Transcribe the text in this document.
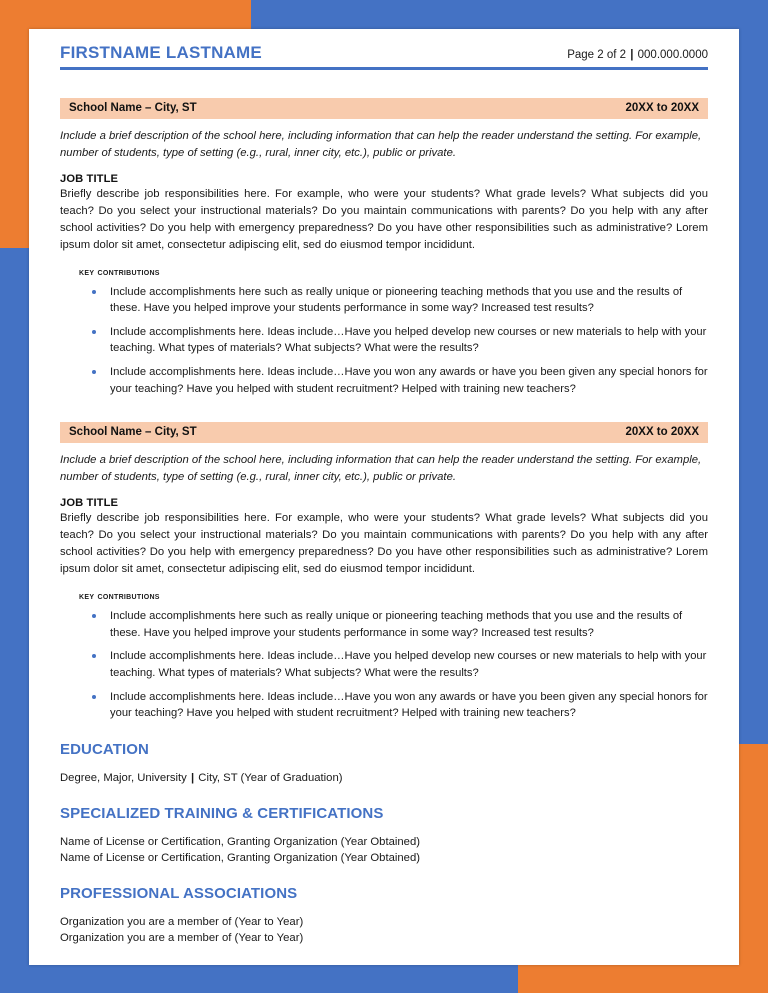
FIRSTNAME LASTNAME	Page 2 of 2 | 000.000.0000
School Name – City, ST	20XX to 20XX
Include a brief description of the school here, including information that can help the reader understand the setting. For example, number of students, type of setting (e.g., rural, inner city, etc.), public or private.
JOB TITLE
Briefly describe job responsibilities here. For example, who were your students? What grade levels? What subjects did you teach? Do you select your instructional materials? Do you maintain communications with parents? Do you help with any after school activities? Do you help with emergency preparedness? Do you have other responsibilities such as administrative? Lorem ipsum dolor sit amet, consectetur adipiscing elit, sed do eiusmod tempor incididunt.
key contributions
Include accomplishments here such as really unique or pioneering teaching methods that you use and the results of these. Have you helped improve your students performance in some way? Increased test results?
Include accomplishments here. Ideas include…Have you helped develop new courses or new materials to help with your teaching. What types of materials? What subjects? What were the results?
Include accomplishments here. Ideas include…Have you won any awards or have you been given any special honors for your teaching? Have you helped with student recruitment? Helped with training new teachers?
School Name – City, ST	20XX to 20XX
Include a brief description of the school here, including information that can help the reader understand the setting. For example, number of students, type of setting (e.g., rural, inner city, etc.), public or private.
JOB TITLE
Briefly describe job responsibilities here. For example, who were your students? What grade levels? What subjects did you teach? Do you select your instructional materials? Do you maintain communications with parents? Do you help with any after school activities? Do you help with emergency preparedness? Do you have other responsibilities such as administrative? Lorem ipsum dolor sit amet, consectetur adipiscing elit, sed do eiusmod tempor incididunt.
key contributions
Include accomplishments here such as really unique or pioneering teaching methods that you use and the results of these. Have you helped improve your students performance in some way? Increased test results?
Include accomplishments here. Ideas include…Have you helped develop new courses or new materials to help with your teaching. What types of materials? What subjects? What were the results?
Include accomplishments here. Ideas include…Have you won any awards or have you been given any special honors for your teaching? Have you helped with student recruitment? Helped with training new teachers?
EDUCATION
Degree, Major, University | City, ST (Year of Graduation)
SPECIALIZED TRAINING & CERTIFICATIONS
Name of License or Certification, Granting Organization (Year Obtained)
Name of License or Certification, Granting Organization (Year Obtained)
PROFESSIONAL ASSOCIATIONS
Organization you are a member of (Year to Year)
Organization you are a member of (Year to Year)
